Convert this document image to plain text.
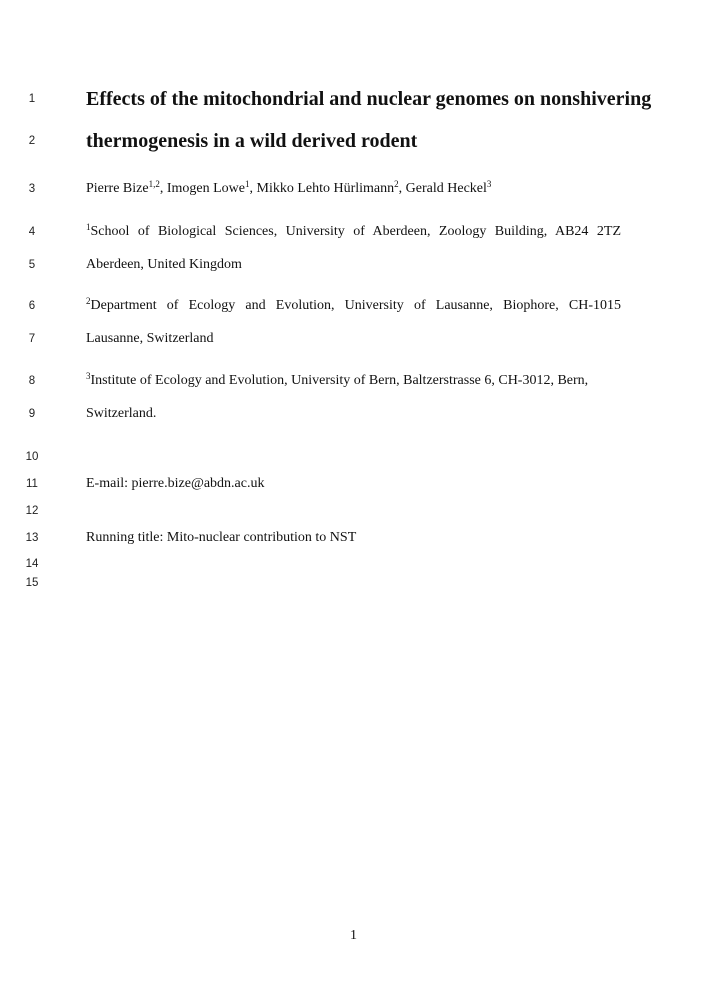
1
2
3
4
5
6
7
8
9
10
11
12
13
14
15
Effects of the mitochondrial and nuclear genomes on nonshivering
thermogenesis in a wild derived rodent
Pierre Bize$^{1,2}$, Imogen Lowe$^1$, Mikko Lehto Hürlimann$^2$, Gerald Heckel$^3$
$^1$School of Biological Sciences, University of Aberdeen, Zoology Building, AB24 2TZ
Aberdeen, United Kingdom
$^2$Department of Ecology and Evolution, University of Lausanne, Biophore, CH-1015
Lausanne, Switzerland
$^3$Institute of Ecology and Evolution, University of Bern, Baltzerstrasse 6, CH-3012, Bern,
Switzerland.
E-mail: pierre.bize@abdn.ac.uk
Running title: Mito-nuclear contribution to NST
1
